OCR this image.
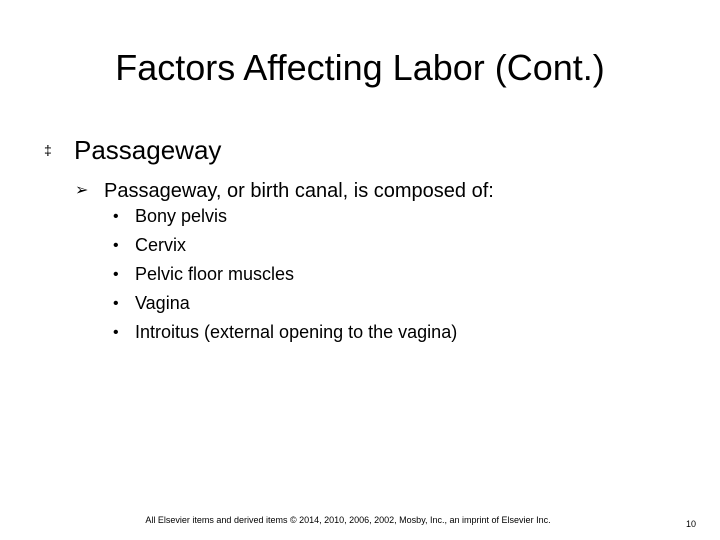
Factors Affecting Labor (Cont.)
‡ Passageway
➢ Passageway, or birth canal, is composed of:
• Bony pelvis
• Cervix
• Pelvic floor muscles
• Vagina
• Introitus (external opening to the vagina)
All Elsevier items and derived items © 2014, 2010, 2006, 2002, Mosby, Inc., an imprint of Elsevier Inc.	10
